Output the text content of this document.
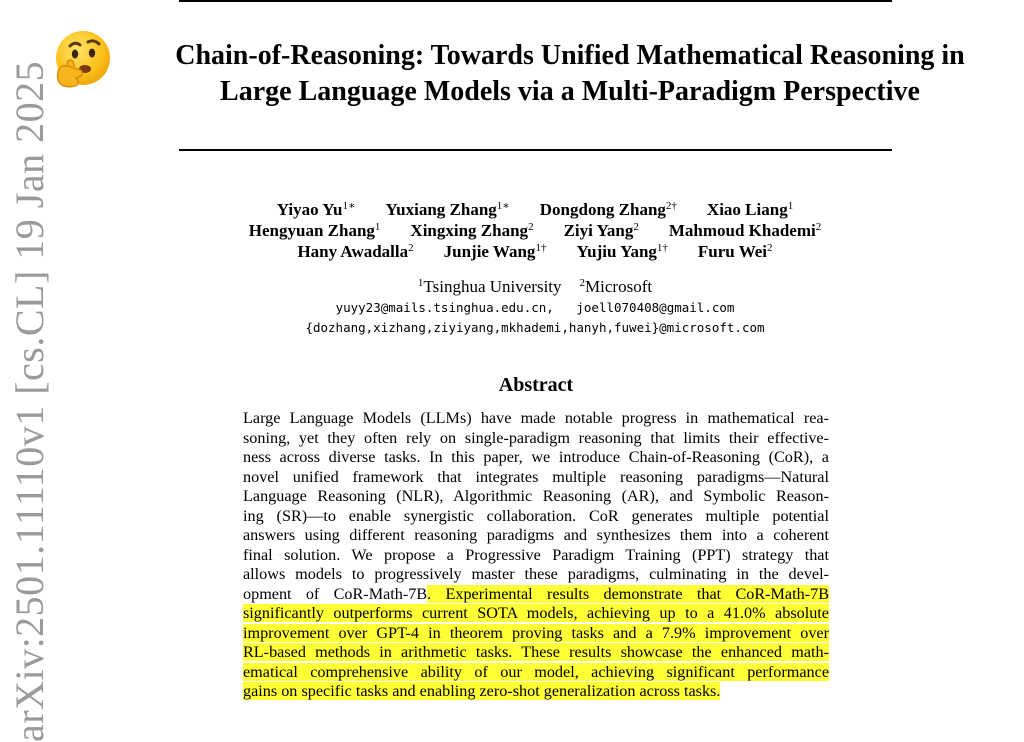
Chain-of-Reasoning: Towards Unified Mathematical Reasoning in
Large Language Models via a Multi-Paradigm Perspective
Yiyao $Yu^{1∗}$ Yuxiang Zhang$^{1∗}$ Dongdong Zhang$^{2\dagger}$ Xiao Liang$^1$
Hengyuan Zhang$^1$ Xingxing Zhang$^2$ Ziyi Yang$^2$ Mahmoud Khademi$^2$
Hany Awadalla$^2$ Junjie Wang$^{1\dagger}$ Yujiu Yang$^{1\dagger}$ Furu Wei$^2$
$^1$Tsinghua University $^2$Microsoft
yuyy23@mails.tsinghua.edu.cn,   joell070408@gmail.com
{dozhang,xizhang,ziyiyang,mkhademi,hanyh,fuwei}@microsoft.com
Abstract
Large Language Models (LLMs) have made notable progress in mathematical rea-
soning, yet they often rely on single-paradigm reasoning that limits their effective-
ness across diverse tasks. In this paper, we introduce Chain-of-Reasoning (CoR), a
novel unified framework that integrates multiple reasoning paradigms—Natural
Language Reasoning (NLR), Algorithmic Reasoning (AR), and Symbolic Reason-
ing (SR)—to enable synergistic collaboration. CoR generates multiple potential
answers using different reasoning paradigms and synthesizes them into a coherent
final solution. We propose a Progressive Paradigm Training (PPT) strategy that
allows models to progressively master these paradigms, culminating in the devel-
opment of CoR-Math-7B. Experimental results demonstrate that CoR-Math-7B
significantly outperforms current SOTA models, achieving up to a 41.0% absolute
improvement over GPT-4 in theorem proving tasks and a 7.9% improvement over
RL-based methods in arithmetic tasks. These results showcase the enhanced math-
ematical comprehensive ability of our model, achieving significant performance
gains on specific tasks and enabling zero-shot generalization across tasks.
arXiv:2501.11110v1 [cs.CL] 19 Jan 2025
